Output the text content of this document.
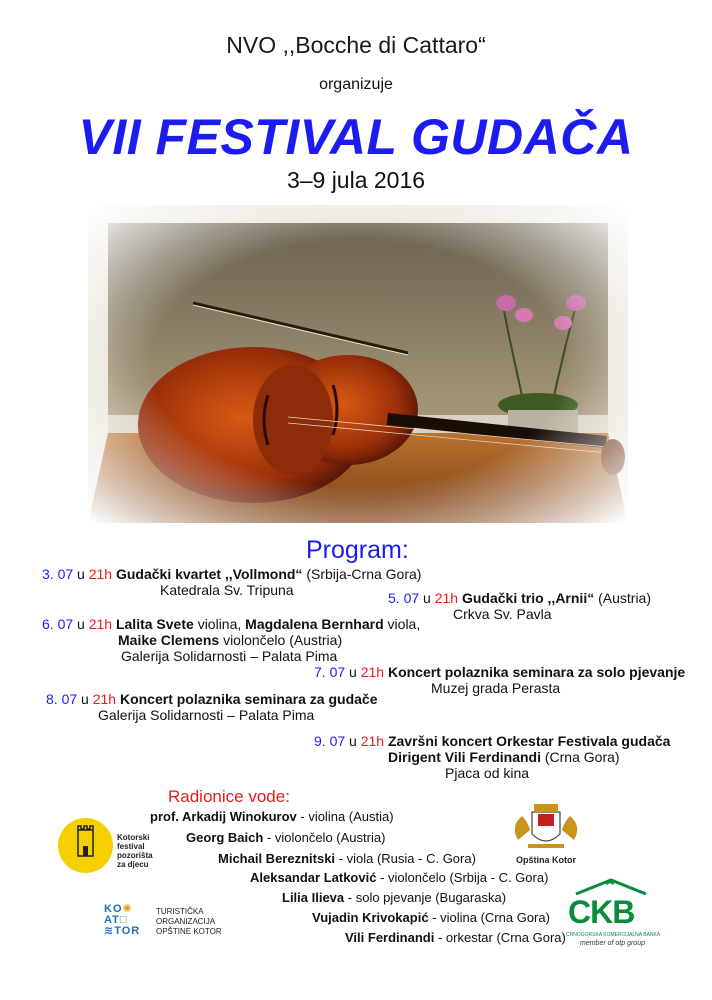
NVO ,,Bocche di Cattaro“
organizuje
VII FESTIVAL GUDAČA
3–9 jula 2016
Program:
3. 07 u 21h Gudački kvartet ,,Vollmond“ (Srbija-Crna Gora)
Katedrala Sv. Tripuna	5. 07 u 21h Gudački trio ,,Arnii“ (Austria)
Crkva Sv. Pavla
6. 07 u 21h Lalita Svete violina, Magdalena Bernhard viola,
Maike Clemens violončelo (Austria)
Galerija Solidarnosti – Palata Pima
7. 07 u 21h Koncert polaznika seminara za solo pjevanje
Muzej grada Perasta
8. 07 u 21h Koncert polaznika seminara za gudače
Galerija Solidarnosti – Palata Pima
9. 07 u 21h Završni koncert Orkestar Festivala gudača
Dirigent Vili Ferdinandi (Crna Gora)
Pjaca od kina
Radionice vode:
prof. Arkadij Winokurov - violina (Austia)
Georg Baich - violončelo (Austria)
Michail Bereznitski - viola (Rusia - C. Gora)
Aleksandar Latković - violončelo (Srbija - C. Gora)
Lilia Ilieva - solo pjevanje (Bugaraska)
Vujadin Krivokapić - violina (Crna Gora)
Vili Ferdinandi - orkestar (Crna Gora)
Kotorski
festival
pozorišta
za djecu	Opština Kotor
KO✺
AT□
≋TOR
TURISTIČKA
ORGANIZACIJA
OPŠTINE KOTOR
CKB
CRNOGORSKA KOMERCIJALNA BANKA
member of otp group
